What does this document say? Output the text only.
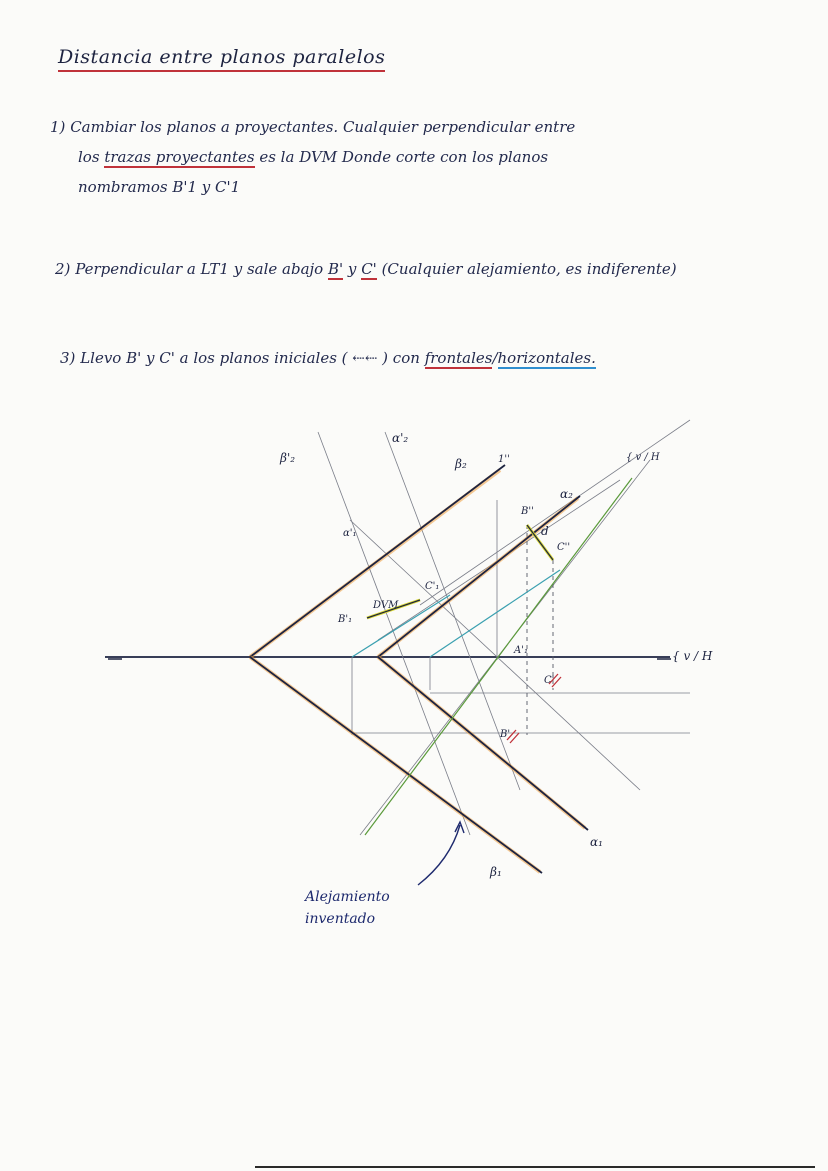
Distancia entre planos paralelos
1) Cambiar los planos a proyectantes. Cualquier perpendicular entre
los trazas proyectantes es la DVM Donde corte con los planos
nombramos B'1 y C'1
2) Perpendicular a LT1 y sale abajo B' y C' (Cualquier alejamiento, es indiferente)
3) Llevo B' y C' a los planos iniciales ( ⇠⇠ ) con frontales/horizontales.
β'₂
α'₂
β₂	1''
α'₁
B''
α₂
d
C''
C'₁
DVM
B'₁
A'₁
C'
B'
α₁
β₁
{ v / H
{ v / H
Alejamiento
inventado
